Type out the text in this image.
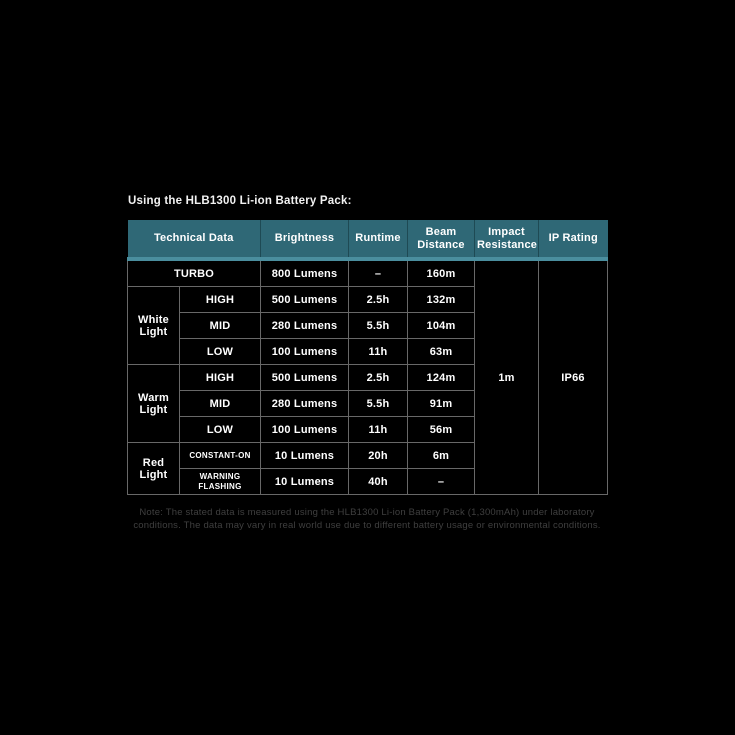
Using the HLB1300 Li-ion Battery Pack:
Technical Data		Brightness	Runtime	Beam Distance	Impact Resistance	IP Rating
TURBO		800 Lumens	–	160m	1m	IP66
White Light	HIGH	500 Lumens	2.5h	132m		
	MID	280 Lumens	5.5h	104m		
	LOW	100 Lumens	11h	63m		
Warm Light	HIGH	500 Lumens	2.5h	124m		
	MID	280 Lumens	5.5h	91m		
	LOW	100 Lumens	11h	56m		
Red Light	CONSTANT-ON	10 Lumens	20h	6m		
	WARNING FLASHING	10 Lumens	40h	–		
Note: The stated data is measured using the HLB1300 Li-ion Battery Pack (1,300mAh) under laboratory conditions. The data may vary in real world use due to different battery usage or environmental conditions.
